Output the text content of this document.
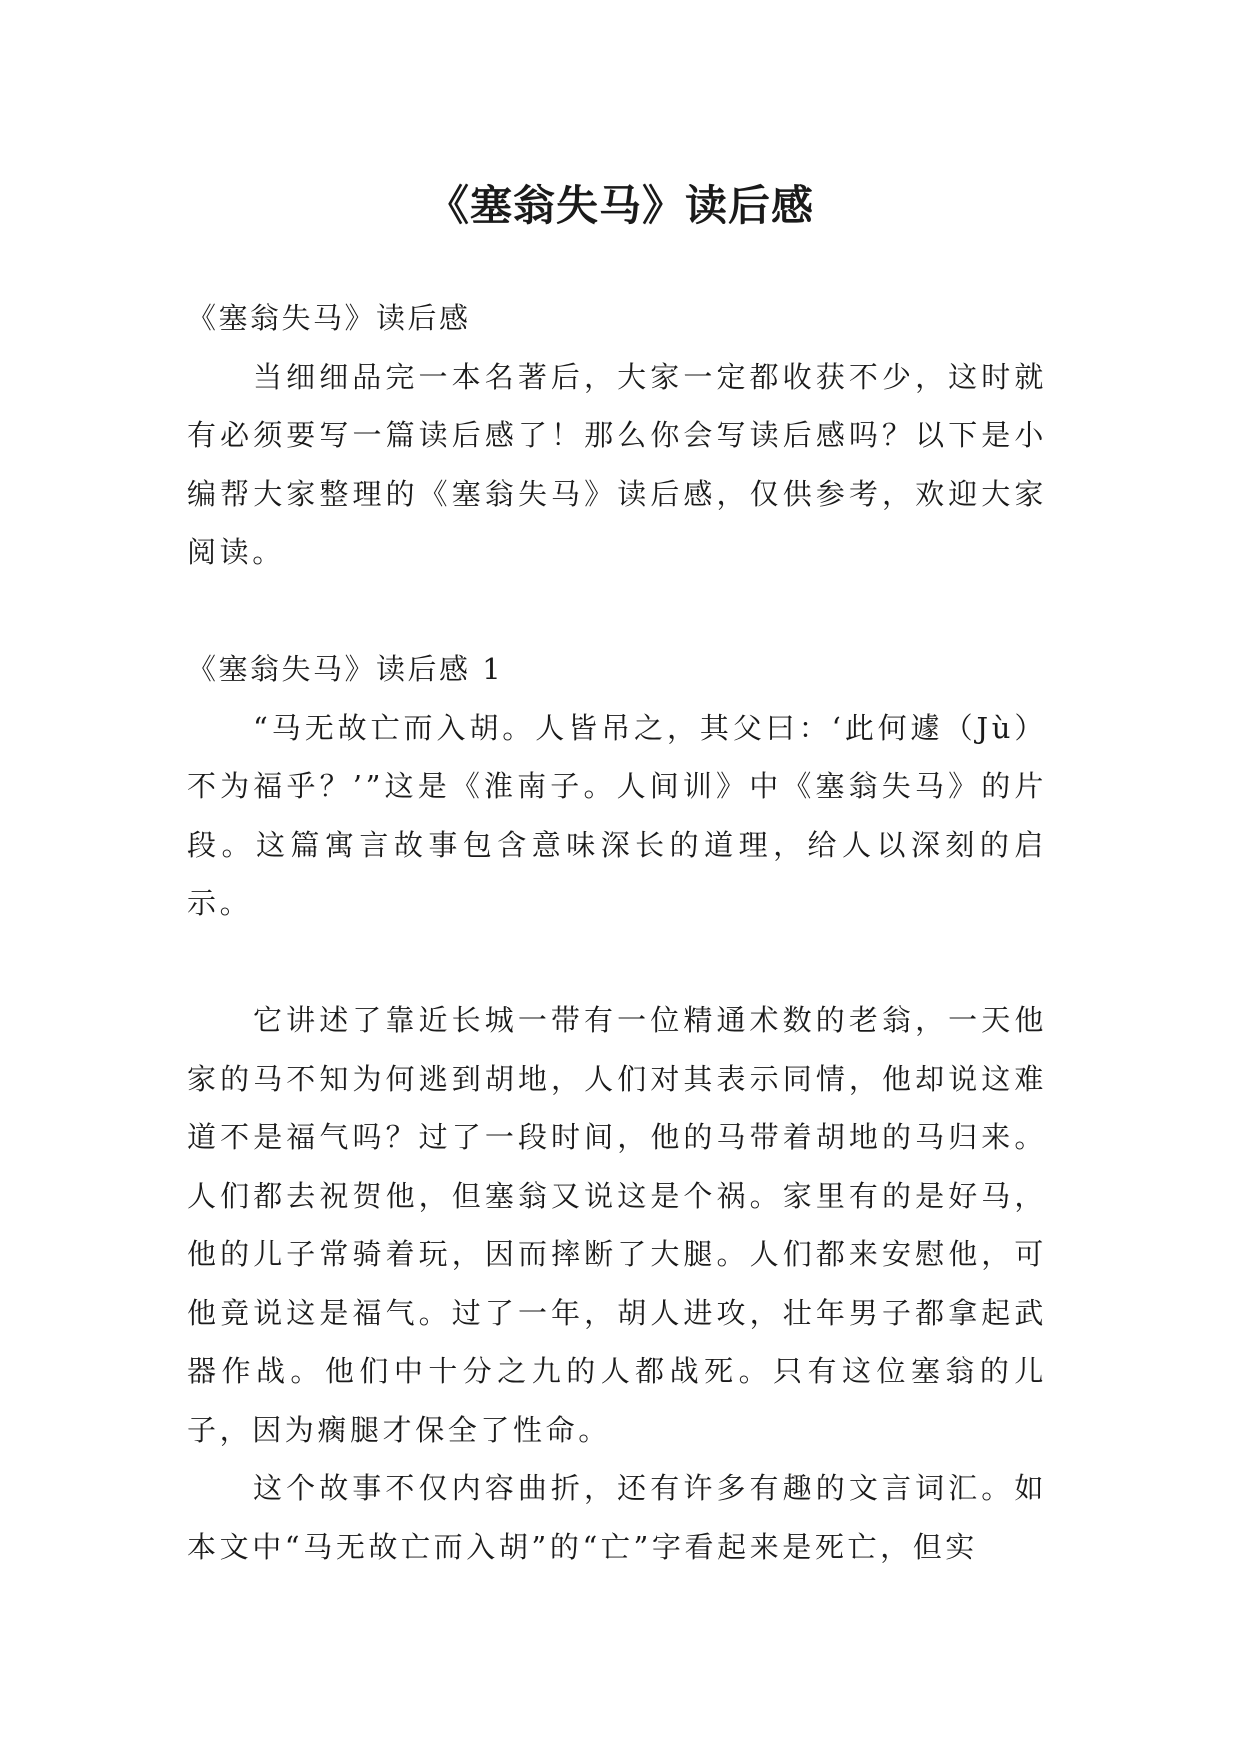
《塞翁失马》读后感

《塞翁失马》读后感

当细细品完一本名著后，大家一定都收获不少，这时就有必须要写一篇读后感了！那么你会写读后感吗？以下是小编帮大家整理的《塞翁失马》读后感，仅供参考，欢迎大家阅读。

《塞翁失马》读后感 1

“马无故亡而入胡。人皆吊之，其父曰：‘此何遽（Jù）不为福乎？’”这是《淮南子。人间训》中《塞翁失马》的片段。这篇寓言故事包含意味深长的道理，给人以深刻的启示。

它讲述了靠近长城一带有一位精通术数的老翁，一天他家的马不知为何逃到胡地，人们对其表示同情，他却说这难道不是福气吗？过了一段时间，他的马带着胡地的马归来。人们都去祝贺他，但塞翁又说这是个祸。家里有的是好马，他的儿子常骑着玩，因而摔断了大腿。人们都来安慰他，可他竟说这是福气。过了一年，胡人进攻，壮年男子都拿起武器作战。他们中十分之九的人都战死。只有这位塞翁的儿子，因为瘸腿才保全了性命。

这个故事不仅内容曲折，还有许多有趣的文言词汇。如本文中“马无故亡而入胡”的“亡”字看起来是死亡，但实
